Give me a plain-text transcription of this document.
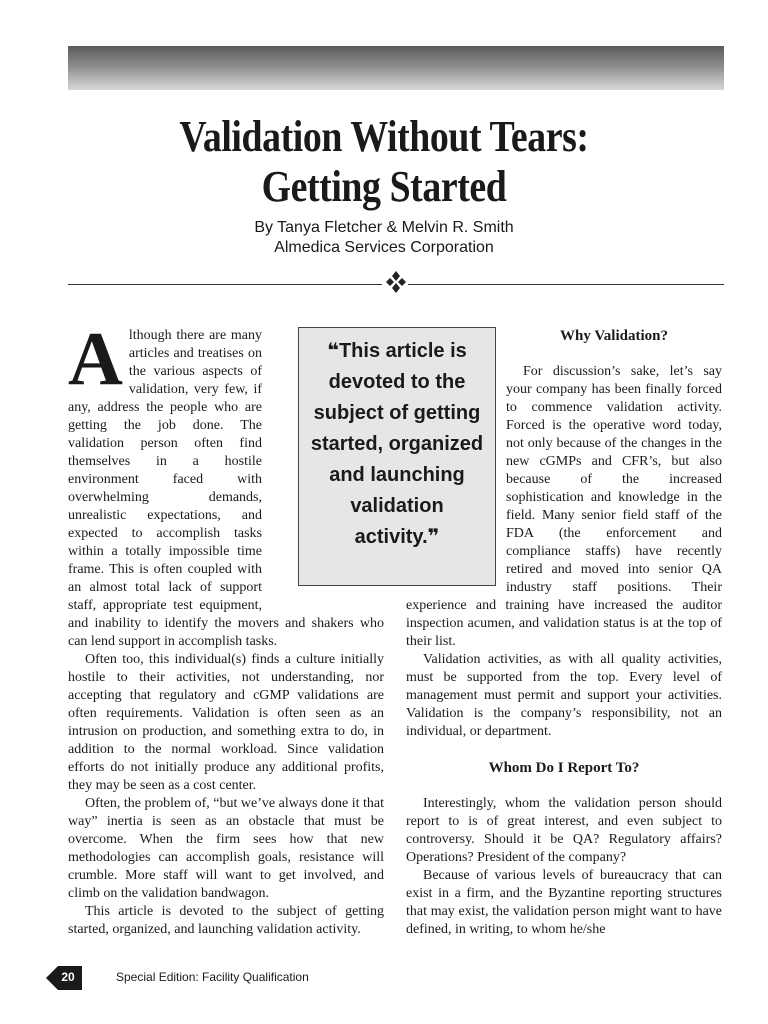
Validation Without Tears:
Getting Started
By Tanya Fletcher & Melvin R. Smith
Almedica Services Corporation

Although there are many articles and treatises on the various aspects of validation, very few, if any, address the people who are getting the job done. The validation person often find themselves in a hostile environment faced with overwhelming demands, unrealistic expectations, and expected to accomplish tasks within a totally impossible time frame. This is often coupled with an almost total lack of support staff, appropriate test equipment, and inability to identify the movers and shakers who can lend support in accomplish tasks.

Often too, this individual(s) finds a culture initially hostile to their activities, not understanding, nor accepting that regulatory and cGMP validations are often requirements. Validation is often seen as an intrusion on production, and something extra to do, in addition to the normal workload. Since validation efforts do not initially produce any additional profits, they may be seen as a cost center.

Often, the problem of, “but we’ve always done it that way” inertia is seen as an obstacle that must be overcome. When the firm sees how that new methodologies can accomplish goals, resistance will crumble. More staff will want to get involved, and climb on the validation bandwagon.

This article is devoted to the subject of getting started, organized, and launching validation activity.

Why Validation?

For discussion’s sake, let’s say your company has been finally forced to commence validation activity. Forced is the operative word today, not only because of the changes in the new cGMPs and CFR’s, but also because of the increased sophistication and knowledge in the field. Many senior field staff of the FDA (the enforcement and compliance staffs) have recently retired and moved into senior QA industry staff positions. Their experience and training have increased the auditor inspection acumen, and validation status is at the top of their list.

Validation activities, as with all quality activities, must be supported from the top. Every level of management must permit and support your activities. Validation is the company’s responsibility, not an individual, or department.

Whom Do I Report To?

Interestingly, whom the validation person should report to is of great interest, and even subject to controversy. Should it be QA? Regulatory affairs? Operations? President of the company?

Because of various levels of bureaucracy that can exist in a firm, and the Byzantine reporting structures that may exist, the validation person might want to have defined, in writing, to whom he/she

❝This article is devoted to the subject of getting started, organized and launching validation activity.❞
20	Special Edition: Facility Qualification
